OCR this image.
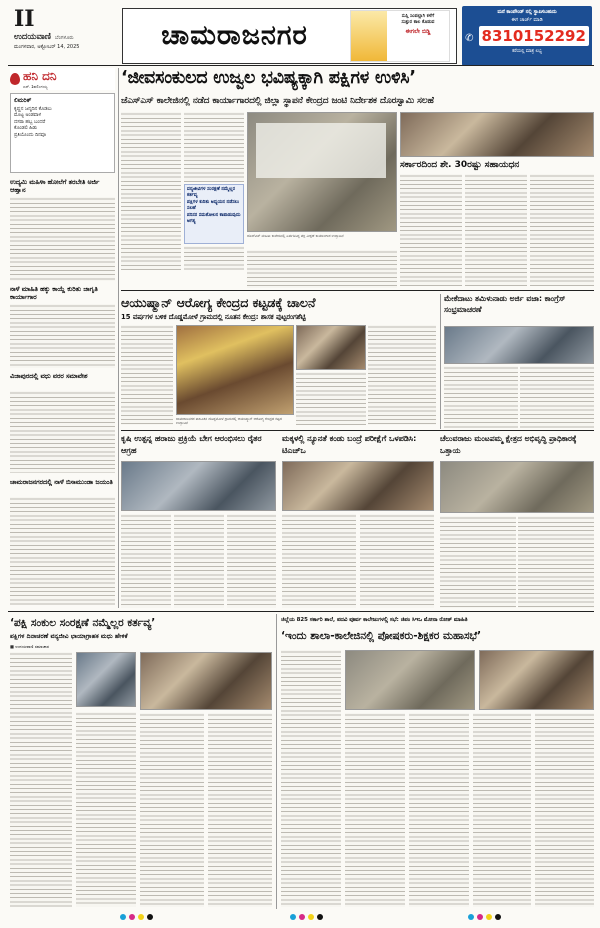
II
ಉದಯವಾಣಿ ಬೆಂಗಳೂರು
ಮಂಗಳವಾರ, ಅಕ್ಟೋಬರ್ 14, 2025	ಚಾಮರಾಜನಗರ
ಸುಸ್ತಿ ಸಿಂಪಲ್ಲಾಗಿ ಕಳೆಗೆ
ಸುತ್ತುರ ಕಾಲ ಕೊಡುವ
ಈಗಲೇ ಬಿಡ್ಡಿ
ಮನೆ ಕಾಂಪೌಂಡ್ ನಲ್ಲಿ ಸ್ಥಾಪಿಸಬಹುದು
ಈಗ ಚಾರ್ಜ್ ಮಾಡಿ
✆ 8310152292
ಕರೆಯಲ್ಲಿ ಮಾತ್ರ ಲಭ್ಯ
ಹನಿ ದನಿ
ಎಸ್. ಶಿವಲಿಂಗಯ್ಯ
ಲಿಮರಿಕ್
ಕೃಷ್ಣನ ಜನ್ಮದಿನ ಕೊಡಲು
ಮೊಟ್ಟ ಅಂಡವಾಳ
ದಸರಾ ಹಬ್ಬ ಬಂದರೆ
ಕೊಂಡಲಿ ಹಿಡು
ಪ್ರತಿಯೊಂದು ದಿನವೂ
ಉದ್ಯಮಿ ಮಹಿಳಾ ಹೋಲೆಗೆ ತರಬೇತಿ ಅರ್ಜಿ ಆಹ್ವಾನ
ನಾಳೆ ಮಾಹಿತಿ ಹಕ್ಕು ಕಾಯ್ದೆ ಕುರಿತು ಜಾಗೃತಿ ಕಾರ್ಯಾಗಾರ
ವಿಜಾಪುರದಲ್ಲಿ ವಧು ವರರ ಸಮಾವೇಶ
ಚಾಮರಾಜನಗರದಲ್ಲಿ ನಾಳೆ ಬಿಸಾಮುಂಡಾ ಜಯಂತಿ
‘ಜೀವಸಂಕುಲದ ಉಜ್ವಲ ಭವಿಷ್ಯಕ್ಕಾಗಿ ಪಕ್ಷಿಗಳ ಉಳಿಸಿ’
ಜೆಎಸ್ಎಸ್ ಕಾಲೇಜಿನಲ್ಲಿ ನಡೆದ ಕಾರ್ಯಾಗಾರದಲ್ಲಿ ಜಿಲ್ಲಾ ಸ್ಥಾಪನೆ ಕೇಂದ್ರದ ಜಂಟಿ ನಿರ್ದೇಶಕ ದೊರಸ್ವಾಮಿ ಸಲಹೆ
ವನ್ಯಜೀವಿಗಳ ಸಂರಕ್ಷಣೆ ನಮ್ಮೆಲ್ಲರ ಕರ್ತವ್ಯ
ಪಕ್ಷಿಗಳ ಕುರಿತು ಅಧ್ಯಯನ ನಡೆಸಲು ಸಲಹೆ
ಪರಿಸರ ಸಮತೋಲನ ಕಾಪಾಡುವುದು ಅಗತ್ಯ
ಜೆಎಸ್ಎಸ್ ಮಹಿಳಾ ಕಾಲೇಜಿನಲ್ಲಿ ಏರ್ಪಡಿಸಿದ್ದ ಪಕ್ಷಿ ವೀಕ್ಷಣೆ ಕಾರ್ಯಾಗಾರ ಉದ್ಘಾಟನೆ
ಸರ್ಕಾರದಿಂದ ಶೇ. 30ರಷ್ಟು ಸಹಾಯಧನ
ಆಯುಷ್ಮಾನ್ ಆರೋಗ್ಯ ಕೇಂದ್ರದ ಕಟ್ಟಡಕ್ಕೆ ಚಾಲನೆ
15 ವರ್ಷಗಳ ಬಳಿಕ ದೊಡ್ಡಮೋಳೆ ಗ್ರಾಮದಲ್ಲಿ ನೂತನ ಕೇಂದ್ರ: ಶಾಸಕ ಪುಟ್ಟರಂಗಶೆಟ್ಟಿ
ಚಾಮರಾಜನಗರ ತಾಲೂಕಿನ ದೊಡ್ಡಮೋಳೆ ಗ್ರಾಮದಲ್ಲಿ ಆಯುಷ್ಮಾನ್ ಆರೋಗ್ಯ ಕೇಂದ್ರದ ಕಟ್ಟಡ ಉದ್ಘಾಟನೆ
ಮೇಕೆದಾಟು ತಮಿಳುನಾಡು ಅರ್ಜಿ ವಜಾ: ಕಾಂಗ್ರೆಸ್ ಸಂಭ್ರಮಾಚರಣೆ
ಕೃಷಿ ಉತ್ಪನ್ನ ಹರಾಜು ಪ್ರಕ್ರಿಯೆ ಬೇಗ ಆರಂಭಿಸಲು ರೈತರ ಆಗ್ರಹ
ಮಕ್ಕಳಲ್ಲಿ ನ್ಯೂನತೆ ಕಂಡು ಬಂದ್ರೆ ಪರೀಕ್ಷೆಗೆ ಒಳಪಡಿಸಿ: ಟಿಎಚ್ಒ
ಚೆಲುವರಾಜು ಮಂಟಪಮ್ಮ ಕ್ಷೇತ್ರದ ಅಭಿವೃದ್ಧಿ ಪ್ರಾಧಿಕಾರಕ್ಕೆ ಒತ್ತಾಯ
‘ಪಕ್ಷಿ ಸಂಕುಲ ಸಂರಕ್ಷಣೆ ನಮ್ಮೆಲ್ಲರ ಕರ್ತವ್ಯ’
ಪಕ್ಷಿಗಳ ದಿನಾಚರಣೆ ವನ್ಯಜೀವಿ ಛಾಯಾಗ್ರಾಹಕ ಮಧು ಹೇಳಿಕೆ
■ ಉದಯವಾಣಿ ಸಮಾಚಾರ
ಜಿಲ್ಲೆಯ 825 ಸರ್ಕಾರಿ ಶಾಲೆ, ಪದವಿ ಪೂರ್ವ ಕಾಲೇಜುಗಳಲ್ಲಿ ಸಭೆ: ಜಿಪಂ ಸಿಇಒ ಮೋನಾ ರೋತ್ ಮಾಹಿತಿ
‘ಇಂದು ಶಾಲಾ-ಕಾಲೇಜಿನಲ್ಲಿ ಪೋಷಕರು-ಶಿಕ್ಷಕರ ಮಹಾಸಭೆ’
